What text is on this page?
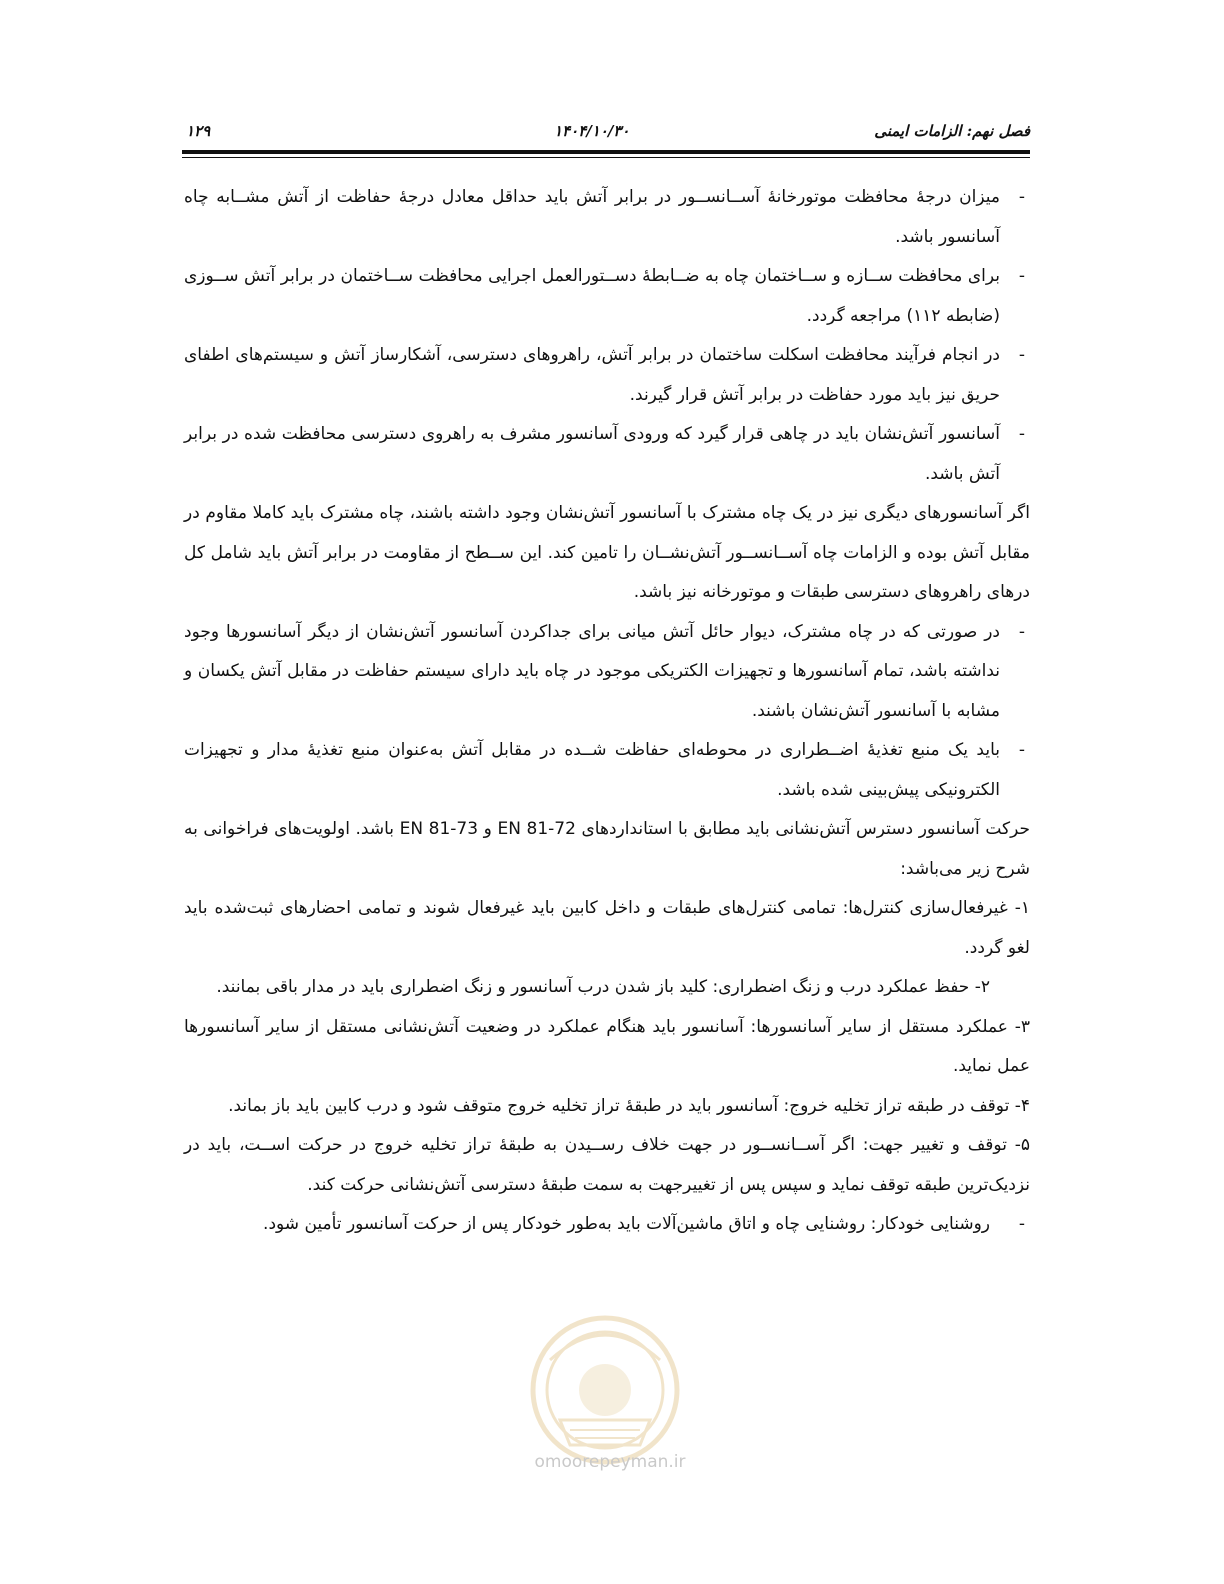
فصل نهم: الزامات ایمنی
۱۴۰۴/۱۰/۳۰
۱۲۹

- میزان درجهٔ محافظت موتورخانهٔ آســانســور در برابر آتش باید حداقل معادل درجهٔ حفاظت از آتش مشــابه چاه آسانسور باشد.

- برای محافظت ســازه و ســاختمان چاه به ضــابطهٔ دســتورالعمل اجرایی محافظت ســاختمان در برابر آتش ســوزی (ضابطه ۱۱۲) مراجعه گردد.

- در انجام فرآیند محافظت اسکلت ساختمان در برابر آتش، راهروهای دسترسی، آشکارساز آتش و سیستم‌های اطفای حریق نیز باید مورد حفاظت در برابر آتش قرار گیرند.

- آسانسور آتش‌نشان باید در چاهی قرار گیرد که ورودی آسانسور مشرف به راهروی دسترسی محافظت شده در برابر آتش باشد.

اگر آسانسورهای دیگری نیز در یک چاه مشترک با آسانسور آتش‌نشان وجود داشته باشند، چاه مشترک باید کاملا مقاوم در مقابل آتش بوده و الزامات چاه آســانســور آتش‌نشــان را تامین کند. این ســطح از مقاومت در برابر آتش باید شامل کل درهای راهروهای دسترسی طبقات و موتورخانه نیز باشد.

- در صورتی که در چاه مشترک، دیوار حائل آتش میانی برای جداکردن آسانسور آتش‌نشان از دیگر آسانسورها وجود نداشته باشد، تمام آسانسورها و تجهیزات الکتریکی موجود در چاه باید دارای سیستم حفاظت در مقابل آتش یکسان و مشابه با آسانسور آتش‌نشان باشند.

- باید یک منبع تغذیهٔ اضــطراری در محوطه‌ای حفاظت شــده در مقابل آتش به‌عنوان منبع تغذیهٔ مدار و تجهیزات الکترونیکی پیش‌بینی شده باشد.

حرکت آسانسور دسترس آتش‌نشانی باید مطابق با استانداردهای EN 81-72 و EN 81-73 باشد. اولویت‌های فراخوانی به شرح زیر می‌باشد:

۱- غیرفعال‌سازی کنترل‌ها: تمامی کنترل‌های طبقات و داخل کابین باید غیرفعال شوند و تمامی احضارهای ثبت‌شده باید لغو گردد.

۲- حفظ عملکرد درب و زنگ اضطراری: کلید باز شدن درب آسانسور و زنگ اضطراری باید در مدار باقی بمانند.

۳- عملکرد مستقل از سایر آسانسورها: آسانسور باید هنگام عملکرد در وضعیت آتش‌نشانی مستقل از سایر آسانسورها عمل نماید.

۴- توقف در طبقه تراز تخلیه خروج: آسانسور باید در طبقهٔ تراز تخلیه خروج متوقف شود و درب کابین باید باز بماند.

۵- توقف و تغییر جهت: اگر آســانســور در جهت خلاف رســیدن به طبقهٔ تراز تخلیه خروج در حرکت اســت، باید در نزدیک‌ترین طبقه توقف نماید و سپس پس از تغییرجهت به سمت طبقهٔ دسترسی آتش‌نشانی حرکت کند.

- روشنایی خودکار: روشنایی چاه و اتاق ماشین‌آلات باید به‌طور خودکار پس از حرکت آسانسور تأمین شود.

omoorepeyman.ir
